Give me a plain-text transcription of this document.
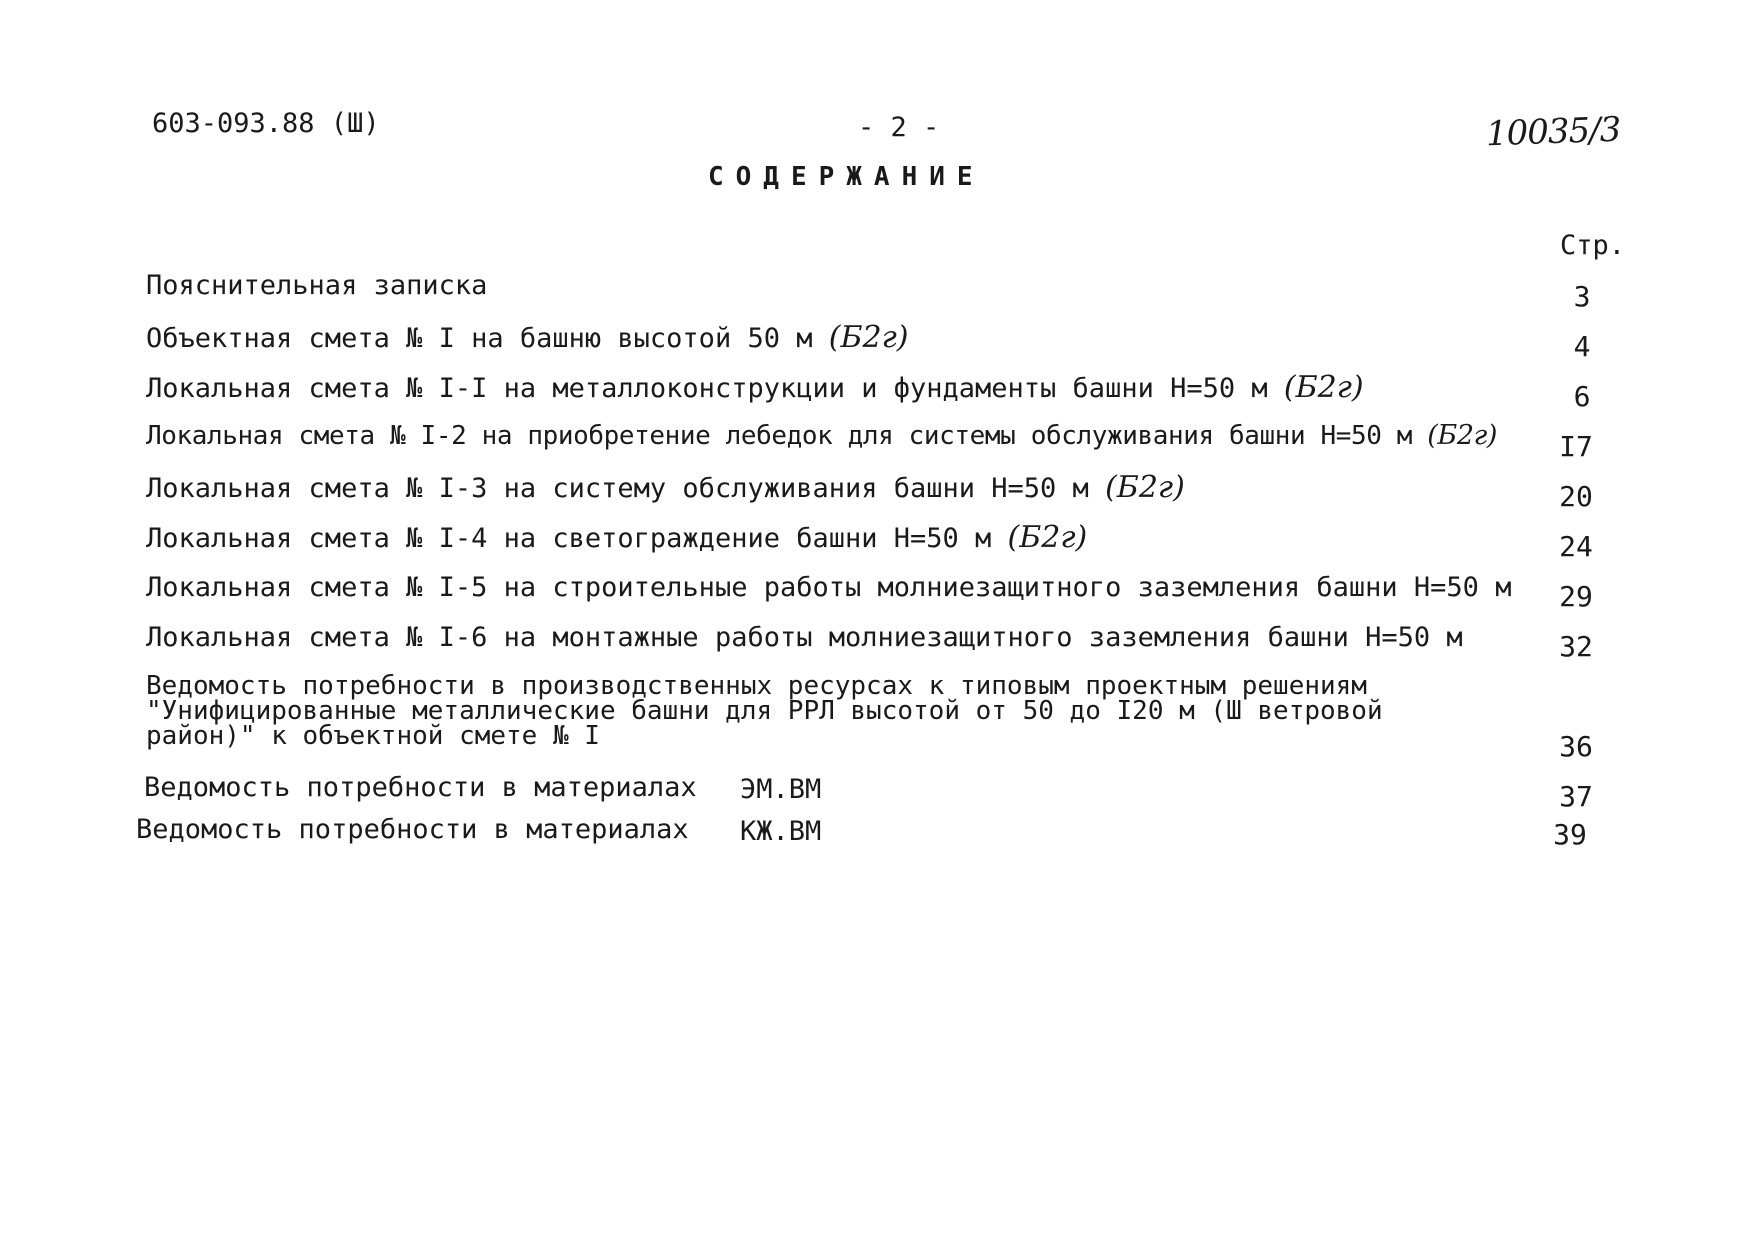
603-093.88 (Ш)	- 2 -	10035/3
СОДЕРЖАНИЕ
Стр.
Пояснительная записка	3
Объектная смета № I на башню высотой 50 м (Б2г)	4
Локальная смета № I-I на металлоконструкции и фундаменты башни Н=50 м (Б2г)	6
Локальная смета № I-2 на приобретение лебедок для системы обслуживания башни Н=50 м (Б2г)	I7
Локальная смета № I-3 на систему обслуживания башни Н=50 м (Б2г)	20
Локальная смета № I-4 на светограждение башни Н=50 м (Б2г)	24
Локальная смета № I-5 на строительные работы молниезащитного заземления башни Н=50 м	29
Локальная смета № I-6 на монтажные работы молниезащитного заземления башни Н=50 м	32
Ведомость потребности в производственных ресурсах к типовым проектным решениям
"Унифицированные металлические башни для РРЛ высотой от 50 до I20 м (Ш ветровой
район)" к объектной смете № I	36
Ведомость потребности в материалах ЭМ.ВМ	37
Ведомость потребности в материалах КЖ.ВМ	39
